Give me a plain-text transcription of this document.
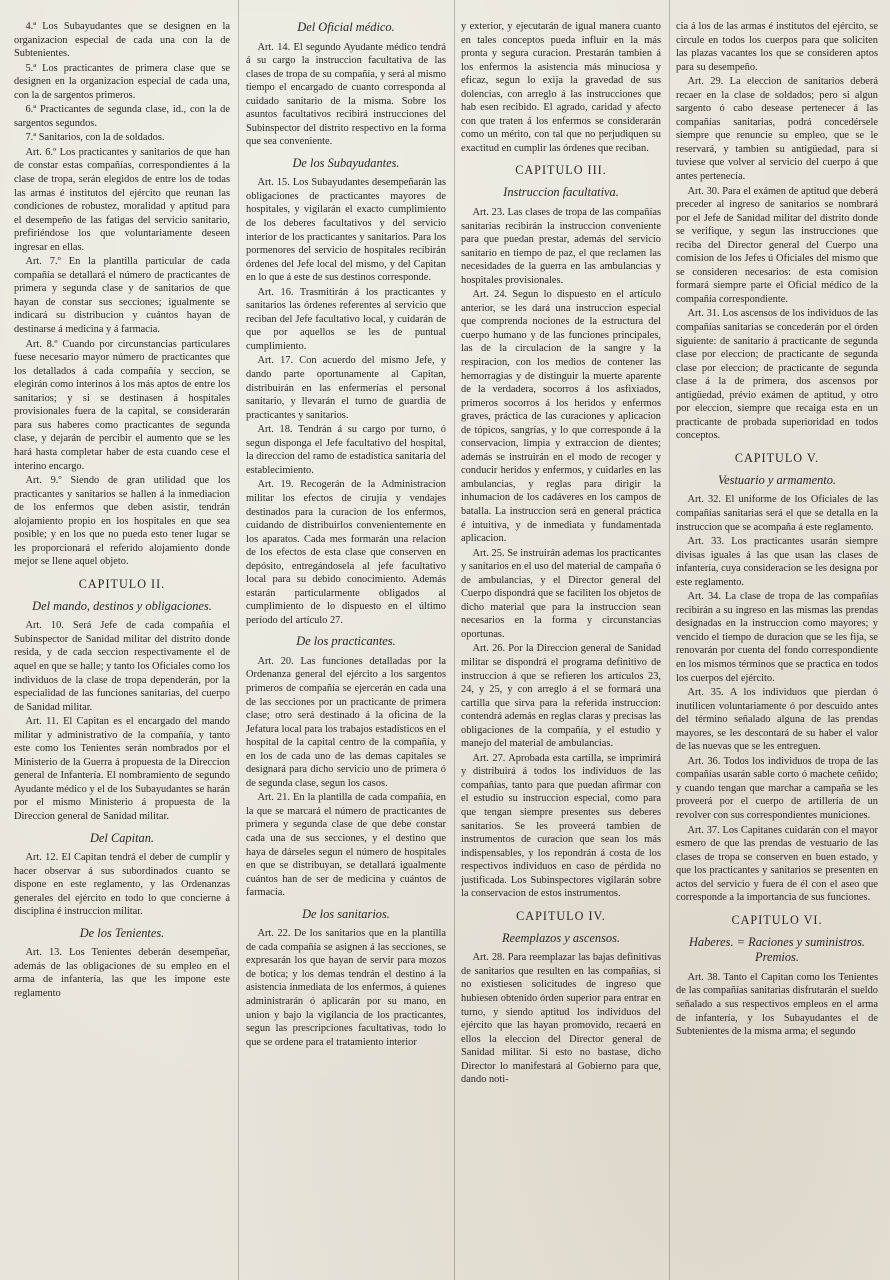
4.ª Los Subayudantes que se designen en la organizacion especial de cada una con la de Subtenientes.

5.ª Los practicantes de primera clase que se designen en la organizacion especial de cada una, con la de sargentos primeros.

6.ª Practicantes de segunda clase, id., con la de sargentos segundos.

7.ª Sanitarios, con la de soldados.

Art. 6.º Los practicantes y sanitarios de que han de constar estas compañías, correspondientes á la clase de tropa, serán elegidos de entre los de todas las armas é institutos del ejército que reunan las condiciones de robustez, moralidad y aptitud para el desempeño de las fatigas del servicio sanitario, prefiriéndose los que voluntariamente deseen ingresar en ellas.

Art. 7.º En la plantilla particular de cada compañía se detallará el número de practicantes de primera y segunda clase y de sanitarios de que hayan de constar sus secciones; igualmente se indicará su distribucion y cuántos hayan de destinarse á medicina y á farmacia.

Art. 8.º Cuando por circunstancias particulares fuese necesario mayor número de practicantes que los detallados á cada compañía y seccion, se elegirán como interinos á los más aptos de entre los sanitarios; y si se destinasen á hospitales provisionales fuera de la capital, se considerarán para sus haberes como practicantes de segunda clase, y dejarán de percibir el aumento que se les hará hasta completar haber de esta cuando cese el interino encargo.

Art. 9.º Siendo de gran utilidad que los practicantes y sanitarios se hallen á la inmediacion de los enfermos que deben asistir, tendrán alojamiento propio en los hospitales en que sea posible; y en los que no pueda esto tener lugar se les proporcionará el referido alojamiento donde mejor se llene aquel objeto.

CAPITULO II.
Del mando, destinos y obligaciones.

Art. 10. Será Jefe de cada compañía el Subinspector de Sanidad militar del distrito donde resida, y de cada seccion respectivamente el de aquel en que se halle; y tanto los Oficiales como los individuos de la clase de tropa dependerán, por la especialidad de las funciones sanitarias, del cuerpo de Sanidad militar.

Art. 11. El Capitan es el encargado del mando militar y administrativo de la compañía, y tanto este como los Tenientes serán nombrados por el Ministerio de la Guerra á propuesta de la Direccion general de Infantería. El nombramiento de segundo Ayudante médico y el de los Subayudantes se harán por el mismo Ministerio á propuesta de la Direccion general de Sanidad militar.

Del Capitan.

Art. 12. El Capitan tendrá el deber de cumplir y hacer observar á sus subordinados cuanto se dispone en este reglamento, y las Ordenanzas generales del ejército en todo lo que concierne á disciplina é instruccion militar.

De los Tenientes.

Art. 13. Los Tenientes deberán desempeñar, además de las obligaciones de su empleo en el arma de infantería, las que les impone este reglamento

Del Oficial médico.

Art. 14. El segundo Ayudante médico tendrá á su cargo la instruccion facultativa de las clases de tropa de su compañía, y será al mismo tiempo el encargado de cuanto corresponda al cuidado sanitario de la misma. Sobre los asuntos facultativos recibirá instrucciones del Subinspector del distrito respectivo en la forma que sea conveniente.

De los Subayudantes.

Art. 15. Los Subayudantes desempeñarán las obligaciones de practicantes mayores de hospitales, y vigilarán el exacto cumplimiento de los deberes facultativos y del servicio interior de los practicantes y sanitarios. Para los pormenores del servicio de hospitales recibirán órdenes del Jefe local del mismo, y del Capitan en lo que á este de sus destinos corresponde.

Art. 16. Trasmitirán á los practicantes y sanitarios las órdenes referentes al servicio que reciban del Jefe facultativo local, y cuidarán de que por aquellos se les de puntual cumplimiento.

Art. 17. Con acuerdo del mismo Jefe, y dando parte oportunamente al Capitan, distribuirán en las enfermerías el personal sanitario, y llevarán el turno de guardia de practicantes y sanitarios.

Art. 18. Tendrán á su cargo por turno, ó segun disponga el Jefe facultativo del hospital, la direccion del ramo de estadística sanitaria del establecimiento.

Art. 19. Recogerán de la Administracion militar los efectos de cirujía y vendajes destinados para la curacion de los enfermos, cuidando de distribuirlos convenientemente en los aparatos. Cada mes formarán una relacion de los efectos de esta clase que conserven en depósito, entregándosela al jefe facultativo local para su debido conocimiento. Además estarán particularmente obligados al cumplimiento de lo dispuesto en el último período del artículo 27.

De los practicantes.

Art. 20. Las funciones detalladas por la Ordenanza general del ejército a los sargentos primeros de compañía se ejercerán en cada una de las secciones por un practicante de primera clase; otro será destinado á la oficina de la Jefatura local para los trabajos estadísticos en el hospital de la capital centro de la compañía, y en los de cada uno de las demas capitales se designará para dicho servicio uno de primera ó de segunda clase, segun los casos.

Art. 21. En la plantilla de cada compañía, en la que se marcará el número de practicantes de primera y segunda clase de que debe constar cada una de sus secciones, y el destino que haya de dárseles segun el número de hospitales en que se distribuyan, se detallará igualmente cuántos han de ser de medicina y cuántos de farmacia.

De los sanitarios.

Art. 22. De los sanitarios que en la plantilla de cada compañía se asignen á las secciones, se expresarán los que hayan de servir para mozos de botica; y los demas tendrán el destino á la asistencia inmediata de los enfermos, á quienes administrarán ó aplicarán por su mano, en union y bajo la vigilancia de los practicantes, segun las prescripciones facultativas, todo lo que se ordene para el tratamiento interior

y exterior, y ejecutarán de igual manera cuanto en tales conceptos pueda influir en la más pronta y segura curacion. Prestarán tambien á los enfermos la asistencia más minuciosa y eficaz, segun lo exija la gravedad de sus dolencias, con arreglo á las instrucciones que hab esen recibido. El agrado, caridad y afecto con que traten á los enfermos se considerarán como un mérito, con tal que no perjudiquen su exactitud en cumplir las órdenes que reciban.

CAPITULO III.
Instruccion facultativa.

Art. 23. Las clases de tropa de las compañías sanitarias recibirán la instruccion conveniente para que puedan prestar, además del servicio sanitario en tiempo de paz, el que reclamen las necesidades de la guerra en las ambulancias y hospitales provisionales.

Art. 24. Segun lo dispuesto en el artículo anterior, se les dará una instruccion especial que comprenda nociones de la estructura del cuerpo humano y de las funciones principales, las de la circulacion de la sangre y la respiracion, con los medios de contener las hemorragias y de distinguir la muerte aparente de la verdadera, socorros á los asfixiados, primeros socorros á los heridos y enfermos graves, práctica de las curaciones y aplicacion de tópicos, sangrías, y lo que corresponde á la conservacion, limpia y extraccion de dientes; además se instruirán en el modo de recoger y conducir heridos y enfermos, y cuidarles en las ambulancias, y reglas para dirigir la inhumacion de los cadáveres en los campos de batalla. La instruccion será en general práctica é intuitiva, y de inmediata y fundamentada aplicacion.

Art. 25. Se instruirán ademas los practicantes y sanitarios en el uso del material de campaña ó de ambulancias, y el Director general del Cuerpo dispondrá que se faciliten los objetos de dicho material que para la instruccion sean necesarios en la forma y circunstancias oportunas.

Art. 26. Por la Direccion general de Sanidad militar se dispondrá el programa definitivo de instruccion á que se refieren los artículos 23, 24, y 25, y con arreglo á el se formará una cartilla que sirva para la referida instruccion: contendrá además en reglas claras y precisas las obligaciones de la compañía, y el estudio y manejo del material de ambulancias.

Art. 27. Aprobada esta cartilla, se imprimirá y distribuirá á todos los individuos de las compañías, tanto para que puedan afirmar con el estudio su instruccion especial, como para que tengan siempre presentes sus deberes sanitarios. Se les proveerá tambien de instrumentos de curacion que sean los más indispensables, y los repondrán á costa de los respectivos individuos en caso de pérdida no justificada. Los Subinspectores vigilarán sobre la conservacion de estos instrumentos.

CAPITULO IV.
Reemplazos y ascensos.

Art. 28. Para reemplazar las bajas definitivas de sanitarios que resulten en las compañías, si no existiesen solicitudes de ingreso que hubiesen obtenido órden superior para entrar en turno, y siendo aptitud los individuos del ejército que las hayan promovido, recaerá en ellos la eleccion del Director general de Sanidad militar. Si esto no bastase, dicho Director lo manifestará al Gobierno para que, dando noti-

cia á los de las armas é institutos del ejército, se circule en todos los cuerpos para que soliciten las plazas vacantes los que se consideren aptos para su desempeño.

Art. 29. La eleccion de sanitarios deberá recaer en la clase de soldados; pero si algun sargento ó cabo desease pertenecer á las compañías sanitarias, podrá concedérsele siempre que renuncie su empleo, que se le reservará, y tambien su antigüedad, para si tuviese que volver al servicio del cuerpo á que antes pertenecía.

Art. 30. Para el exámen de aptitud que deberá preceder al ingreso de sanitarios se nombrará por el Jefe de Sanidad militar del distrito donde se verifique, y segun las instrucciones que reciba del Director general del Cuerpo una comision de los Jefes ú Oficiales del mismo que se consideren necesarios: de esta comision formará siempre parte el Oficial médico de la compañía correspondiente.

Art. 31. Los ascensos de los individuos de las compañías sanitarias se concederán por el órden siguiente: de sanitario á practicante de segunda clase por eleccion; de practicante de segunda clase por eleccion; de practicante de segunda clase á la de primera, dos ascensos por antigüedad, prévio exámen de aptitud, y otro por eleccion, siempre que recaiga esta en un practicante de probada superioridad en todos conceptos.

CAPITULO V.
Vestuario y armamento.

Art. 32. El uniforme de los Oficiales de las compañías sanitarias será el que se detalla en la instruccion que se acompaña á este reglamento.

Art. 33. Los practicantes usarán siempre divisas iguales á las que usan las clases de infantería, cuya consideracion se les designa por este reglamento.

Art. 34. La clase de tropa de las compañías recibirán a su ingreso en las mismas las prendas designadas en la instruccion como mayores; y vencido el tiempo de duracion que se les fija, se renovarán por cuenta del fondo correspondiente en los mismos términos que se practica en todos los cuerpos del ejército.

Art. 35. A los individuos que pierdan ó inutilicen voluntariamente ó por descuido antes del término señalado alguna de las prendas mayores, se les descontará de su haber el valor de las nuevas que se les entreguen.

Art. 36. Todos los individuos de tropa de las compañías usarán sable corto ó machete ceñido; y cuando tengan que marchar a campaña se les proveerá por el cuerpo de artillería de un revolver con sus correspondientes municiones.

Art. 37. Los Capitanes cuidarán con el mayor esmero de que las prendas de vestuario de las clases de tropa se conserven en buen estado, y que los practicantes y sanitarios se presenten en actos del servicio y fuera de él con el aseo que corresponde a la importancia de sus funciones.

CAPITULO VI.
Haberes. = Raciones y suministros. Premios.

Art. 38. Tanto el Capitan como los Tenientes de las compañías sanitarias disfrutarán el sueldo señalado a sus respectivos empleos en el arma de infantería, y los Subayudantes el de Subtenientes de la misma arma; el segundo
